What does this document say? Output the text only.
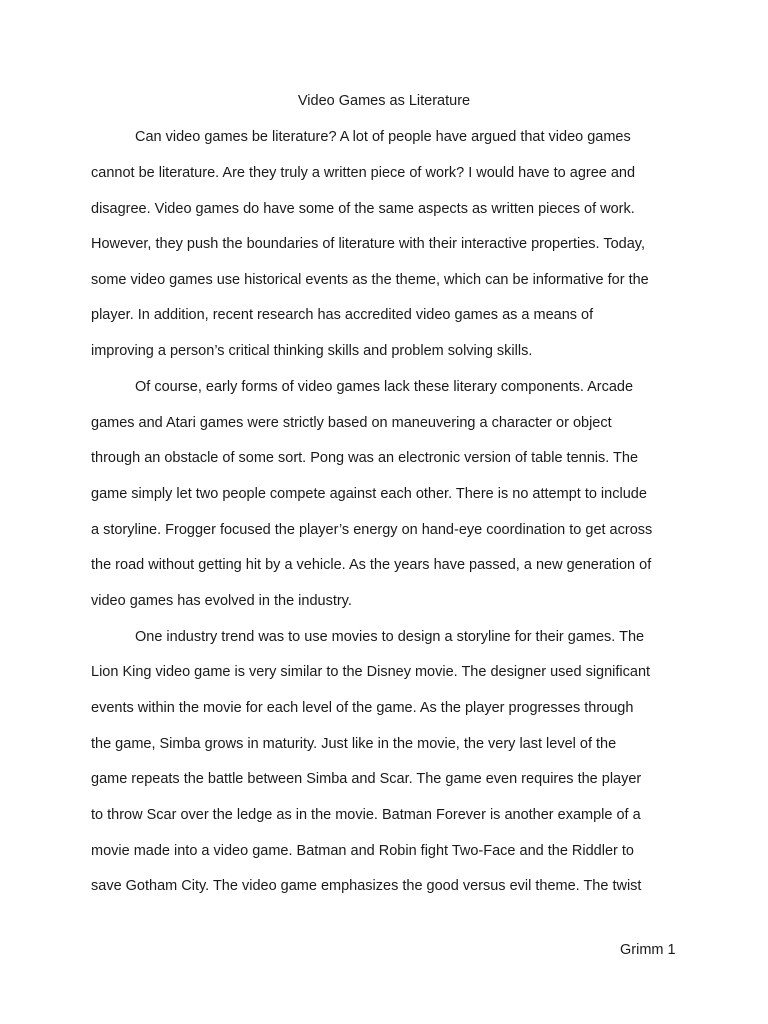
Video Games as Literature
Can video games be literature? A lot of people have argued that video games
cannot be literature. Are they truly a written piece of work? I would have to agree and
disagree. Video games do have some of the same aspects as written pieces of work.
However, they push the boundaries of literature with their interactive properties. Today,
some video games use historical events as the theme, which can be informative for the
player. In addition, recent research has accredited video games as a means of
improving a person’s critical thinking skills and problem solving skills.
Of course, early forms of video games lack these literary components. Arcade
games and Atari games were strictly based on maneuvering a character or object
through an obstacle of some sort. Pong was an electronic version of table tennis. The
game simply let two people compete against each other. There is no attempt to include
a storyline. Frogger focused the player’s energy on hand-eye coordination to get across
the road without getting hit by a vehicle. As the years have passed, a new generation of
video games has evolved in the industry.
One industry trend was to use movies to design a storyline for their games. The
Lion King video game is very similar to the Disney movie. The designer used significant
events within the movie for each level of the game. As the player progresses through
the game, Simba grows in maturity. Just like in the movie, the very last level of the
game repeats the battle between Simba and Scar. The game even requires the player
to throw Scar over the ledge as in the movie. Batman Forever is another example of a
movie made into a video game. Batman and Robin fight Two-Face and the Riddler to
save Gotham City. The video game emphasizes the good versus evil theme. The twist
Grimm 1
